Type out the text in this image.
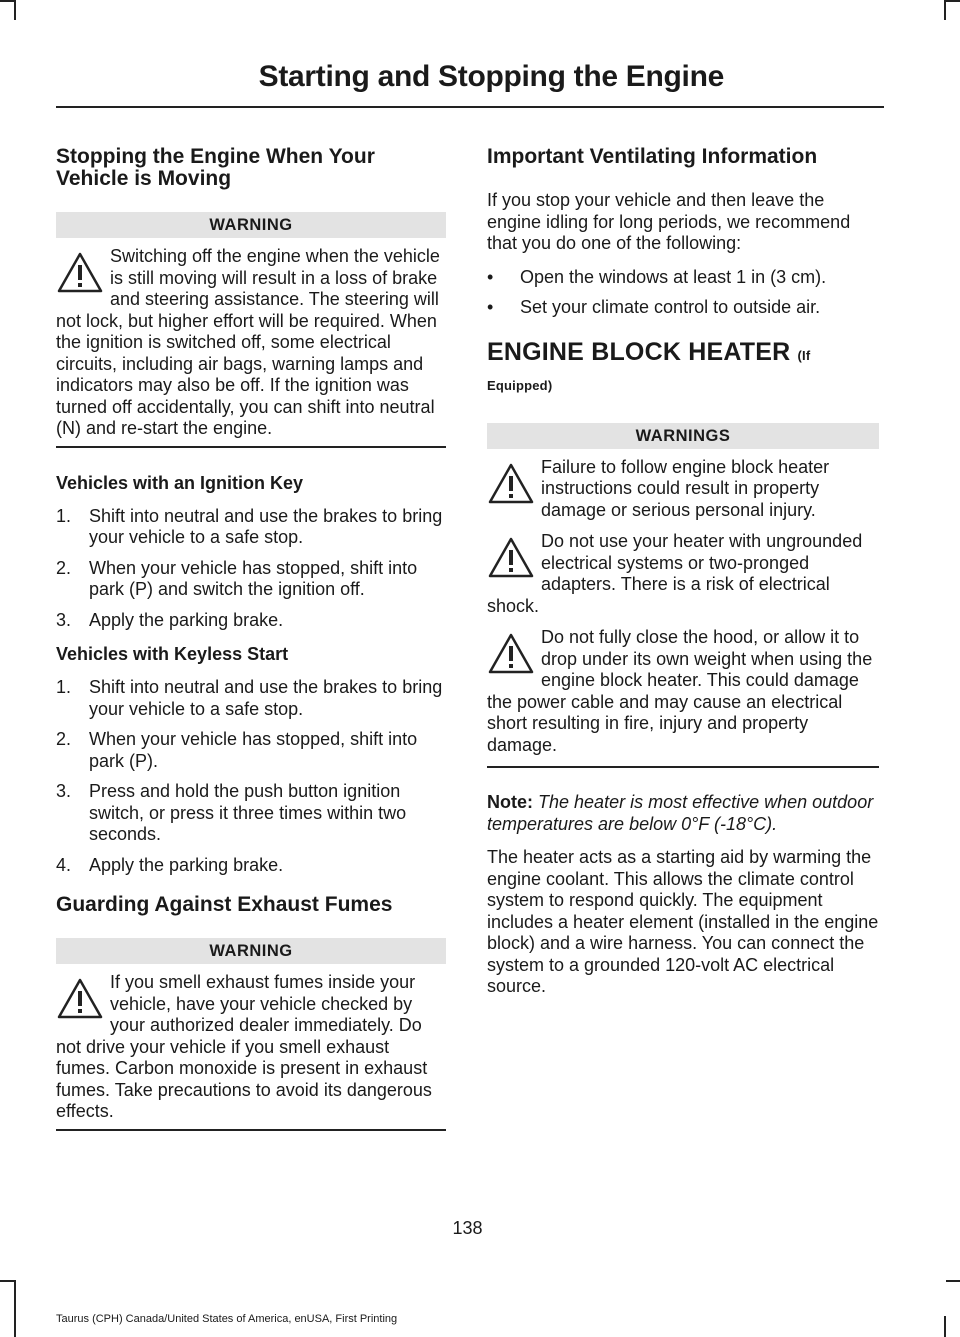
Starting and Stopping the Engine
Stopping the Engine When Your Vehicle is Moving
WARNING
Switching off the engine when the vehicle is still moving will result in a loss of brake and steering assistance. The steering will not lock, but higher effort will be required. When the ignition is switched off, some electrical circuits, including air bags, warning lamps and indicators may also be off. If the ignition was turned off accidentally, you can shift into neutral (N) and re-start the engine.
Vehicles with an Ignition Key
1. Shift into neutral and use the brakes to bring your vehicle to a safe stop.
2. When your vehicle has stopped, shift into park (P) and switch the ignition off.
3. Apply the parking brake.
Vehicles with Keyless Start
1. Shift into neutral and use the brakes to bring your vehicle to a safe stop.
2. When your vehicle has stopped, shift into park (P).
3. Press and hold the push button ignition switch, or press it three times within two seconds.
4. Apply the parking brake.
Guarding Against Exhaust Fumes
WARNING
If you smell exhaust fumes inside your vehicle, have your vehicle checked by your authorized dealer immediately. Do not drive your vehicle if you smell exhaust fumes. Carbon monoxide is present in exhaust fumes. Take precautions to avoid its dangerous effects.
Important Ventilating Information

If you stop your vehicle and then leave the engine idling for long periods, we recommend that you do one of the following:

• Open the windows at least 1 in (3 cm).
• Set your climate control to outside air.
ENGINE BLOCK HEATER (If
Equipped)
WARNINGS
Failure to follow engine block heater instructions could result in property damage or serious personal injury.
Do not use your heater with ungrounded electrical systems or two-pronged adapters. There is a risk of electrical shock.
Do not fully close the hood, or allow it to drop under its own weight when using the engine block heater. This could damage the power cable and may cause an electrical short resulting in fire, injury and property damage.

Note: The heater is most effective when outdoor temperatures are below 0°F (-18°C).

The heater acts as a starting aid by warming the engine coolant. This allows the climate control system to respond quickly. The equipment includes a heater element (installed in the engine block) and a wire harness. You can connect the system to a grounded 120-volt AC electrical source.

138
Taurus (CPH) Canada/United States of America, enUSA, First Printing
